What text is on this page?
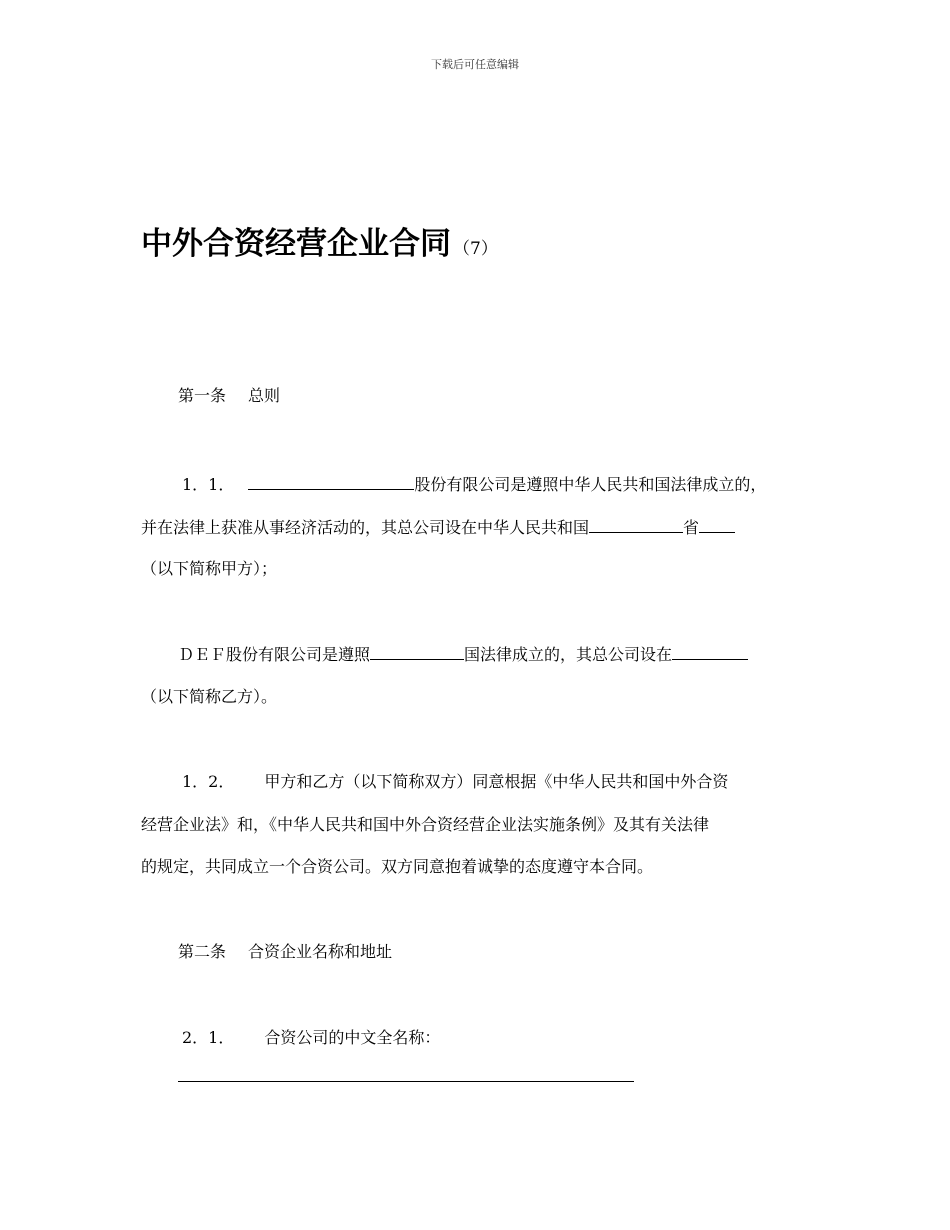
下载后可任意编辑
中外合资经营企业合同 （7）
第一条 总则
1．1．	股份有限公司是遵照中华人民共和国法律成立的，
并在法律上获准从事经济活动的，其总公司设在中华人民共和国	省
（以下简称甲方）；
ＤＥＦ股份有限公司是遵照	国法律成立的，其总公司设在
（以下简称乙方）。
1．2． 甲方和乙方（以下简称双方）同意根据《中华人民共和国中外合资
经营企业法》和，《中华人民共和国中外合资经营企业法实施条例》及其有关法律
的规定，共同成立一个合资公司。双方同意抱着诚挚的态度遵守本合同。
第二条 合资企业名称和地址
2．1． 合资公司的中文全名称：
